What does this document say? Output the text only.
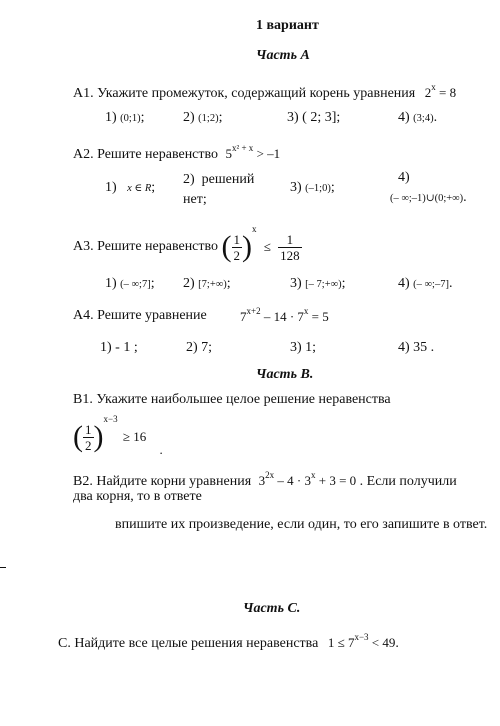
1 вариант
Часть А
А1. Укажите промежуток, содержащий корень уравнения $2^x = 8$
1) (0;1);	2) (1;2);	3) ( 2; 3];	4) (3;4).
А2. Решите неравенство $5^{x^2 + x} > -1$
1) x ∈ R;
2) решений
нет;
3) (–1;0);
4)
(– ∞;–1)∪(0;+∞).
А3. Решите неравенство ( $\frac{1}{2} )^x \le \frac{1}{128}$
1) (– ∞;7]; 2) [7;+∞);	3) [– 7;+∞);	4) (– ∞;–7].
А4. Решите уравнение	$7^{x+2} - 14 \cdot 7^x = 5$
1) - 1 ;	2) 7;	3) 1;	4) 35 .
Часть В.
В1. Укажите наибольшее целое решение неравенства
( $\frac{1}{2} )^{x-3} \ge 16$ .
В2. Найдите корни уравнения $3^{2x} - 4 \cdot 3^x + 3 = 0$ . Если получили
два корня, то в ответе
впишите их произведение, если один, то его запишите в ответ.
Часть С.
С. Найдите все целые решения неравенства $1 \le 7^{x-3} < 49$.
